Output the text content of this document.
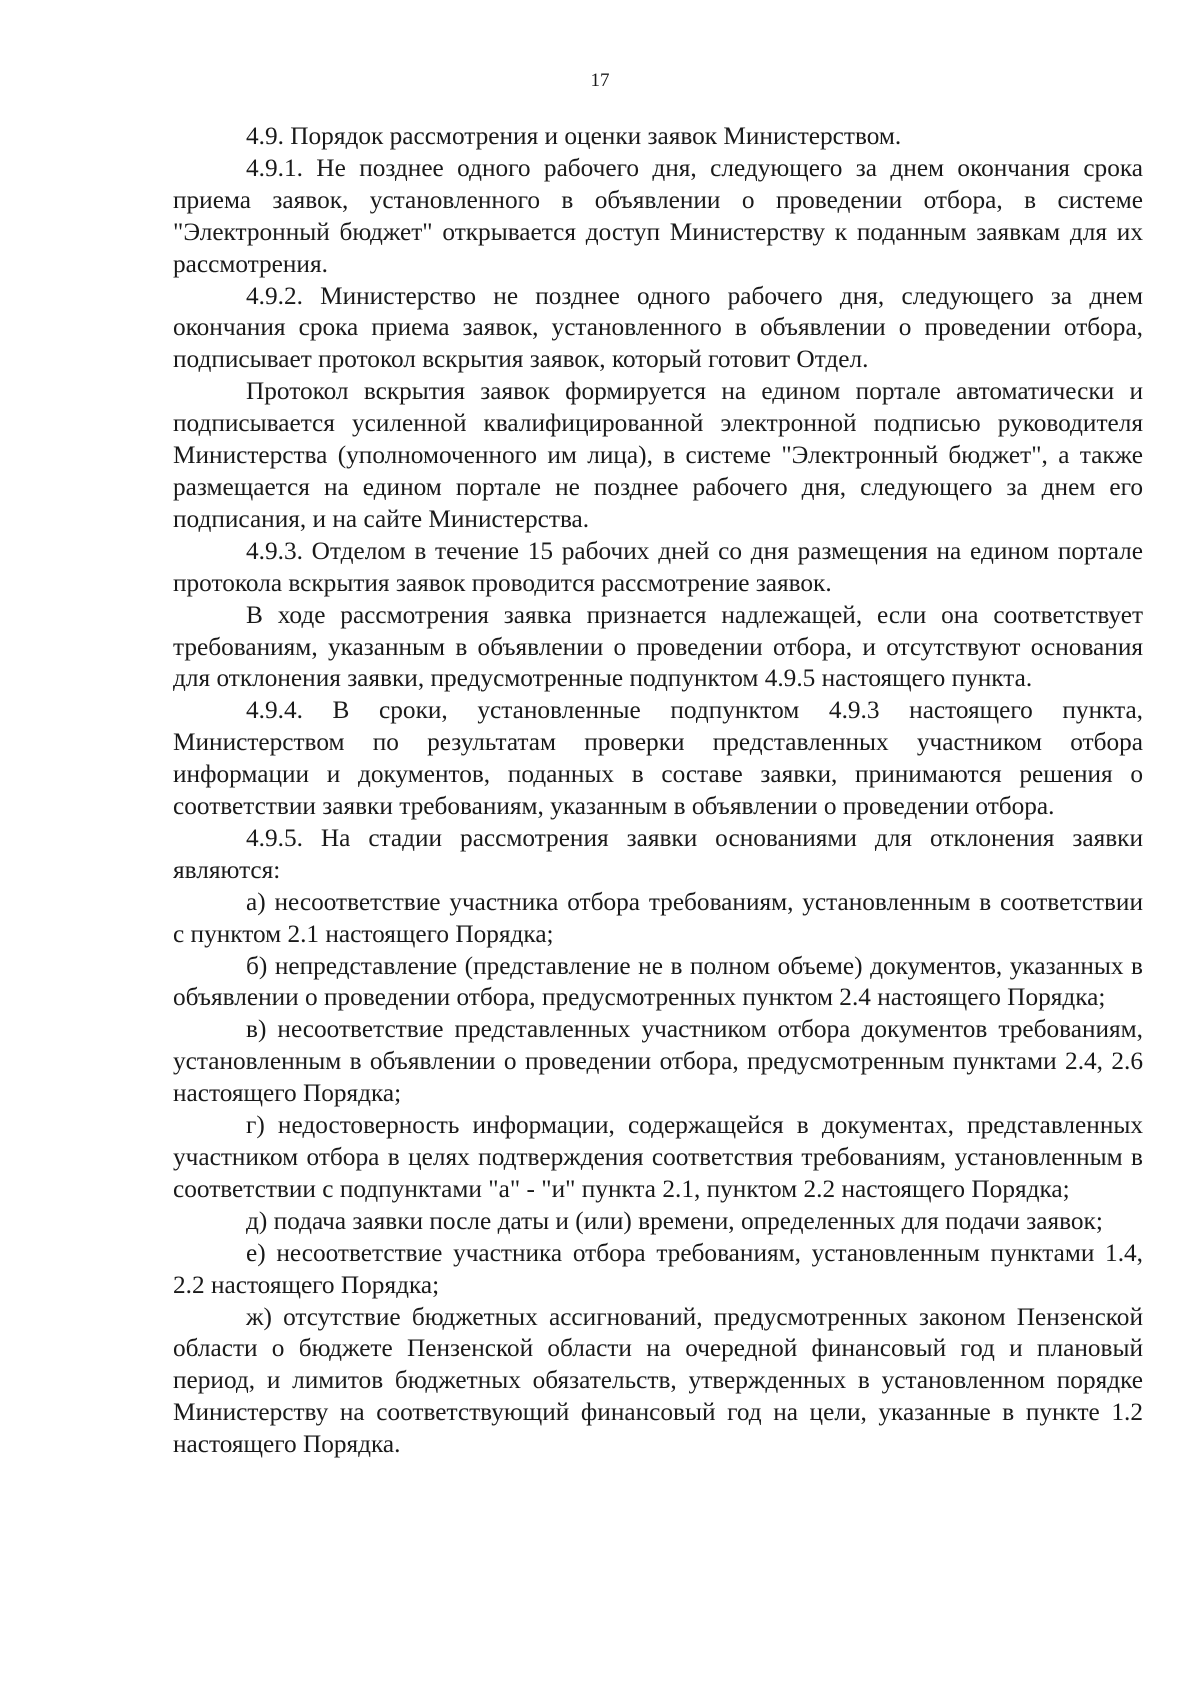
17

4.9. Порядок рассмотрения и оценки заявок Министерством.

4.9.1. Не позднее одного рабочего дня, следующего за днем окончания срока приема заявок, установленного в объявлении о проведении отбора, в системе "Электронный бюджет" открывается доступ Министерству к поданным заявкам для их рассмотрения.

4.9.2. Министерство не позднее одного рабочего дня, следующего за днем окончания срока приема заявок, установленного в объявлении о проведении отбора, подписывает протокол вскрытия заявок, который готовит Отдел.

Протокол вскрытия заявок формируется на едином портале автоматически и подписывается усиленной квалифицированной электронной подписью руководителя Министерства (уполномоченного им лица), в системе "Электронный бюджет", а также размещается на едином портале не позднее рабочего дня, следующего за днем его подписания, и на сайте Министерства.

4.9.3. Отделом в течение 15 рабочих дней со дня размещения на едином портале протокола вскрытия заявок проводится рассмотрение заявок.

В ходе рассмотрения заявка признается надлежащей, если она соответствует требованиям, указанным в объявлении о проведении отбора, и отсутствуют основания для отклонения заявки, предусмотренные подпунктом 4.9.5 настоящего пункта.

4.9.4. В сроки, установленные подпунктом 4.9.3 настоящего пункта, Министерством по результатам проверки представленных участником отбора информации и документов, поданных в составе заявки, принимаются решения о соответствии заявки требованиям, указанным в объявлении о проведении отбора.

4.9.5. На стадии рассмотрения заявки основаниями для отклонения заявки являются:

а) несоответствие участника отбора требованиям, установленным в соответствии с пунктом 2.1 настоящего Порядка;

б) непредставление (представление не в полном объеме) документов, указанных в объявлении о проведении отбора, предусмотренных пунктом 2.4 настоящего Порядка;

в) несоответствие представленных участником отбора документов требованиям, установленным в объявлении о проведении отбора, предусмотренным пунктами 2.4, 2.6 настоящего Порядка;

г) недостоверность информации, содержащейся в документах, представленных участником отбора в целях подтверждения соответствия требованиям, установленным в соответствии с подпунктами "а" - "и" пункта 2.1, пунктом 2.2 настоящего Порядка;

д) подача заявки после даты и (или) времени, определенных для подачи заявок;

е) несоответствие участника отбора требованиям, установленным пунктами 1.4, 2.2 настоящего Порядка;

ж) отсутствие бюджетных ассигнований, предусмотренных законом Пензенской области о бюджете Пензенской области на очередной финансовый год и плановый период, и лимитов бюджетных обязательств, утвержденных в установленном порядке Министерству на соответствующий финансовый год на цели, указанные в пункте 1.2 настоящего Порядка.
